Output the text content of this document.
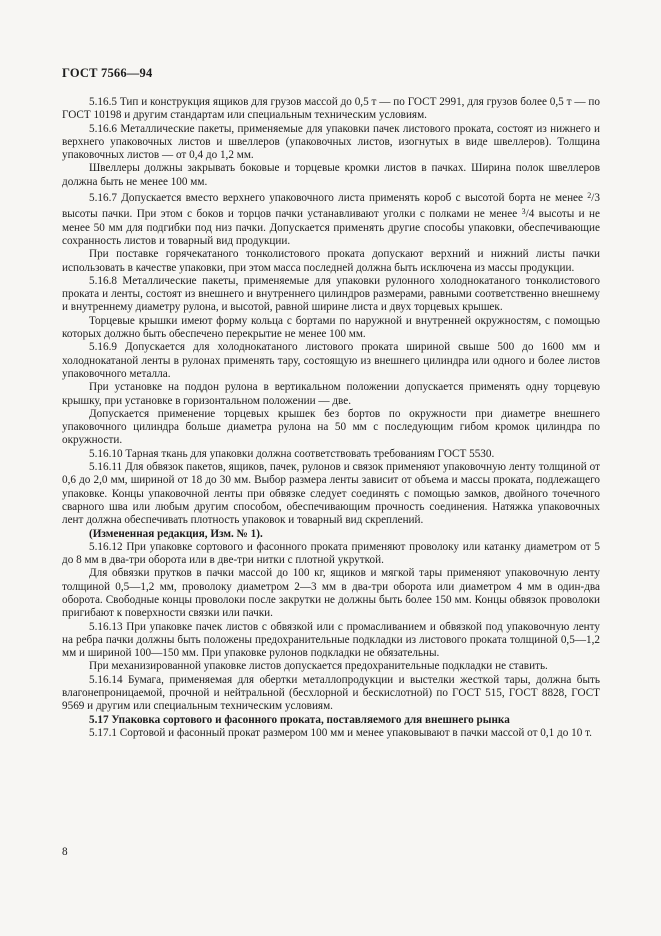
ГОСТ 7566—94

5.16.5 Тип и конструкция ящиков для грузов массой до 0,5 т — по ГОСТ 2991, для грузов более 0,5 т — по ГОСТ 10198 и другим стандартам или специальным техническим условиям.

5.16.6 Металлические пакеты, применяемые для упаковки пачек листового проката, состоят из нижнего и верхнего упаковочных листов и швеллеров (упаковочных листов, изогнутых в виде швеллеров). Толщина упаковочных листов — от 0,4 до 1,2 мм.

Швеллеры должны закрывать боковые и торцевые кромки листов в пачках. Ширина полок швеллеров должна быть не менее 100 мм.

5.16.7 Допускается вместо верхнего упаковочного листа применять короб с высотой борта не менее $^2$/3 высоты пачки. При этом с боков и торцов пачки устанавливают уголки с полками не менее $^3$/4 высоты и не менее 50 мм для подгибки под низ пачки. Допускается применять другие способы упаковки, обеспечивающие сохранность листов и товарный вид продукции.

При поставке горячекатаного тонколистового проката допускают верхний и нижний листы пачки использовать в качестве упаковки, при этом масса последней должна быть исключена из массы продукции.

5.16.8 Металлические пакеты, применяемые для упаковки рулонного холоднокатаного тонколистового проката и ленты, состоят из внешнего и внутреннего цилиндров размерами, равными соответственно внешнему и внутреннему диаметру рулона, и высотой, равной ширине листа и двух торцевых крышек.

Торцевые крышки имеют форму кольца с бортами по наружной и внутренней окружностям, с помощью которых должно быть обеспечено перекрытие не менее 100 мм.

5.16.9 Допускается для холоднокатаного листового проката шириной свыше 500 до 1600 мм и холоднокатаной ленты в рулонах применять тару, состоящую из внешнего цилиндра или одного и более листов упаковочного металла.

При установке на поддон рулона в вертикальном положении допускается применять одну торцевую крышку, при установке в горизонтальном положении — две.

Допускается применение торцевых крышек без бортов по окружности при диаметре внешнего упаковочного цилиндра больше диаметра рулона на 50 мм с последующим гибом кромок цилиндра по окружности.

5.16.10 Тарная ткань для упаковки должна соответствовать требованиям ГОСТ 5530.

5.16.11 Для обвязок пакетов, ящиков, пачек, рулонов и связок применяют упаковочную ленту толщиной от 0,6 до 2,0 мм, шириной от 18 до 30 мм. Выбор размера ленты зависит от объема и массы проката, подлежащего упаковке. Концы упаковочной ленты при обвязке следует соединять с помощью замков, двойного точечного сварного шва или любым другим способом, обеспечивающим прочность соединения. Натяжка упаковочных лент должна обеспечивать плотность упаковок и товарный вид скреплений.

(Измененная редакция, Изм. № 1).

5.16.12 При упаковке сортового и фасонного проката применяют проволоку или катанку диаметром от 5 до 8 мм в два-три оборота или в две-три нитки с плотной укруткой.

Для обвязки прутков в пачки массой до 100 кг, ящиков и мягкой тары применяют упаковочную ленту толщиной 0,5—1,2 мм, проволоку диаметром 2—3 мм в два-три оборота или диаметром 4 мм в один-два оборота. Свободные концы проволоки после закрутки не должны быть более 150 мм. Концы обвязок проволоки пригибают к поверхности связки или пачки.

5.16.13 При упаковке пачек листов с обвязкой или с промасливанием и обвязкой под упаковочную ленту на ребра пачки должны быть положены предохранительные подкладки из листового проката толщиной 0,5—1,2 мм и шириной 100—150 мм. При упаковке рулонов подкладки не обязательны.

При механизированной упаковке листов допускается предохранительные подкладки не ставить.

5.16.14 Бумага, применяемая для обертки металлопродукции и выстелки жесткой тары, должна быть влагонепроницаемой, прочной и нейтральной (бесхлорной и бескислотной) по ГОСТ 515, ГОСТ 8828, ГОСТ 9569 и другим или специальным техническим условиям.

5.17 Упаковка сортового и фасонного проката, поставляемого для внешнего рынка

5.17.1 Сортовой и фасонный прокат размером 100 мм и менее упаковывают в пачки массой от 0,1 до 10 т.

8
